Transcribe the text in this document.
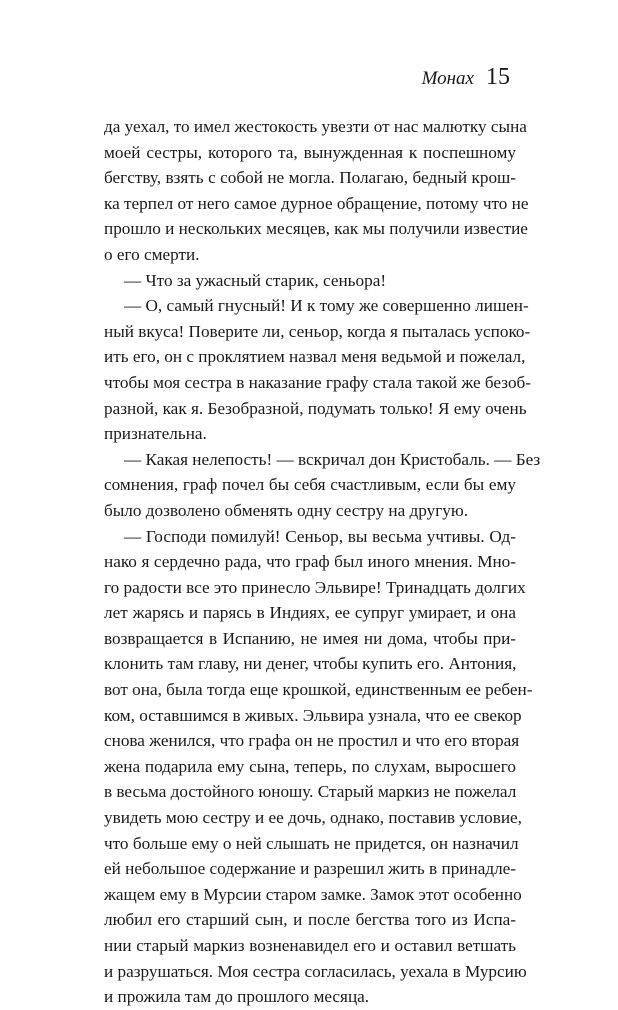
Монах 15
да уехал, то имел жестокость увезти от нас малютку сына
моей сестры, которого та, вынужденная к поспешному
бегству, взять с собой не могла. Полагаю, бедный крош-
ка терпел от него самое дурное обращение, потому что не
прошло и нескольких месяцев, как мы получили известие
о его смерти.
— Что за ужасный старик, сеньора!
— О, самый гнусный! И к тому же совершенно лишен-
ный вкуса! Поверите ли, сеньор, когда я пыталась успоко-
ить его, он с проклятием назвал меня ведьмой и пожелал,
чтобы моя сестра в наказание графу стала такой же безоб-
разной, как я. Безобразной, подумать только! Я ему очень
признательна.
— Какая нелепость! — вскричал дон Кристобаль. — Без
сомнения, граф почел бы себя счастливым, если бы ему
было дозволено обменять одну сестру на другую.
— Господи помилуй! Сеньор, вы весьма учтивы. Од-
нако я сердечно рада, что граф был иного мнения. Мно-
го радости все это принесло Эльвире! Тринадцать долгих
лет жарясь и парясь в Индиях, ее супруг умирает, и она
возвращается в Испанию, не имея ни дома, чтобы при-
клонить там главу, ни денег, чтобы купить его. Антония,
вот она, была тогда еще крошкой, единственным ее ребен-
ком, оставшимся в живых. Эльвира узнала, что ее свекор
снова женился, что графа он не простил и что его вторая
жена подарила ему сына, теперь, по слухам, выросшего
в весьма достойного юношу. Старый маркиз не пожелал
увидеть мою сестру и ее дочь, однако, поставив условие,
что больше ему о ней слышать не придется, он назначил
ей небольшое содержание и разрешил жить в принадле-
жащем ему в Мурсии старом замке. Замок этот особенно
любил его старший сын, и после бегства того из Испа-
нии старый маркиз возненавидел его и оставил ветшать
и разрушаться. Моя сестра согласилась, уехала в Мурсию
и прожила там до прошлого месяца.
